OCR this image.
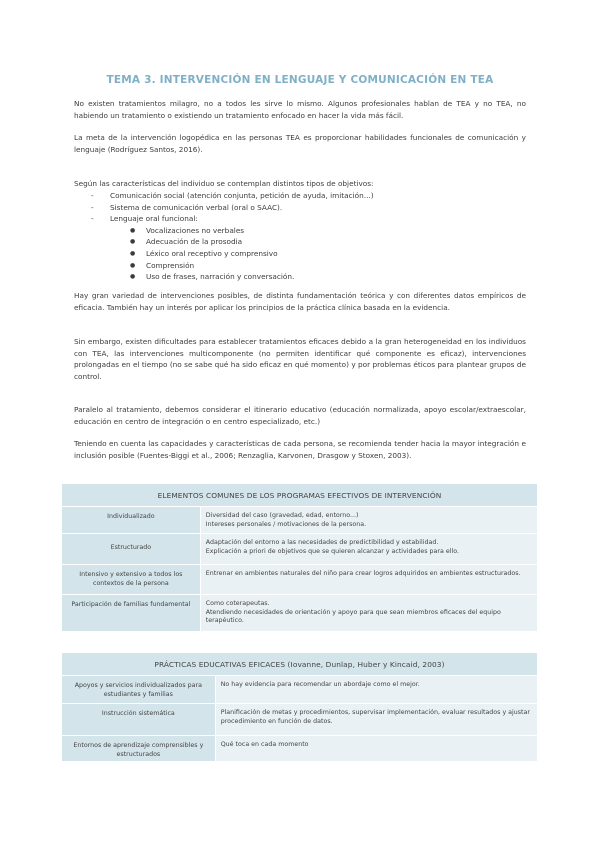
TEMA 3. INTERVENCIÓN EN LENGUAJE Y COMUNICACIÓN EN TEA
No existen tratamientos milagro, no a todos les sirve lo mismo. Algunos profesionales hablan de TEA y no TEA, no habiendo un tratamiento o existiendo un tratamiento enfocado en hacer la vida más fácil.
La meta de la intervención logopédica en las personas TEA es proporcionar habilidades funcionales de comunicación y lenguaje (Rodríguez Santos, 2016).
Según las características del individuo se contemplan distintos tipos de objetivos:
- Comunicación social (atención conjunta, petición de ayuda, imitación...)
- Sistema de comunicación verbal (oral o SAAC).
- Lenguaje oral funcional:
● Vocalizaciones no verbales
● Adecuación de la prosodia
● Léxico oral receptivo y comprensivo
● Comprensión
● Uso de frases, narración y conversación.
Hay gran variedad de intervenciones posibles, de distinta fundamentación teórica y con diferentes datos empíricos de eficacia. También hay un interés por aplicar los principios de la práctica clínica basada en la evidencia.
Sin embargo, existen dificultades para establecer tratamientos eficaces debido a la gran heterogeneidad en los individuos con TEA, las intervenciones multicomponente (no permiten identificar qué componente es eficaz), intervenciones prolongadas en el tiempo (no se sabe qué ha sido eficaz en qué momento) y por problemas éticos para plantear grupos de control.
Paralelo al tratamiento, debemos considerar el itinerario educativo (educación normalizada, apoyo escolar/extraescolar, educación en centro de integración o en centro especializado, etc.)
Teniendo en cuenta las capacidades y características de cada persona, se recomienda tender hacia la mayor integración e inclusión posible (Fuentes-Biggi et al., 2006; Renzaglia, Karvonen, Drasgow y Stoxen, 2003).
ELEMENTOS COMUNES DE LOS PROGRAMAS EFECTIVOS DE INTERVENCIÓN	
Individualizado	Diversidad del caso (gravedad, edad, entorno...)
Intereses personales / motivaciones de la persona.

Estructurado	Adaptación del entorno a las necesidades de predictibilidad y estabilidad.
Explicación a priori de objetivos que se quieren alcanzar y actividades para ello.

Intensivo y extensivo a todos los contextos de la persona	Entrenar en ambientes naturales del niño para crear logros adquiridos en ambientes estructurados.

Participación de familias fundamental	Como coterapeutas.
Atendiendo necesidades de orientación y apoyo para que sean miembros eficaces del equipo terapéutico.
PRÁCTICAS EDUCATIVAS EFICACES (Iovanne, Dunlap, Huber y Kincaid, 2003)	
Apoyos y servicios individualizados para estudiantes y familias	No hay evidencia para recomendar un abordaje como el mejor.

Instrucción sistemática	Planificación de metas y procedimientos, supervisar implementación, evaluar resultados y ajustar procedimiento en función de datos.

Entornos de aprendizaje comprensibles y estructurados	Qué toca en cada momento
